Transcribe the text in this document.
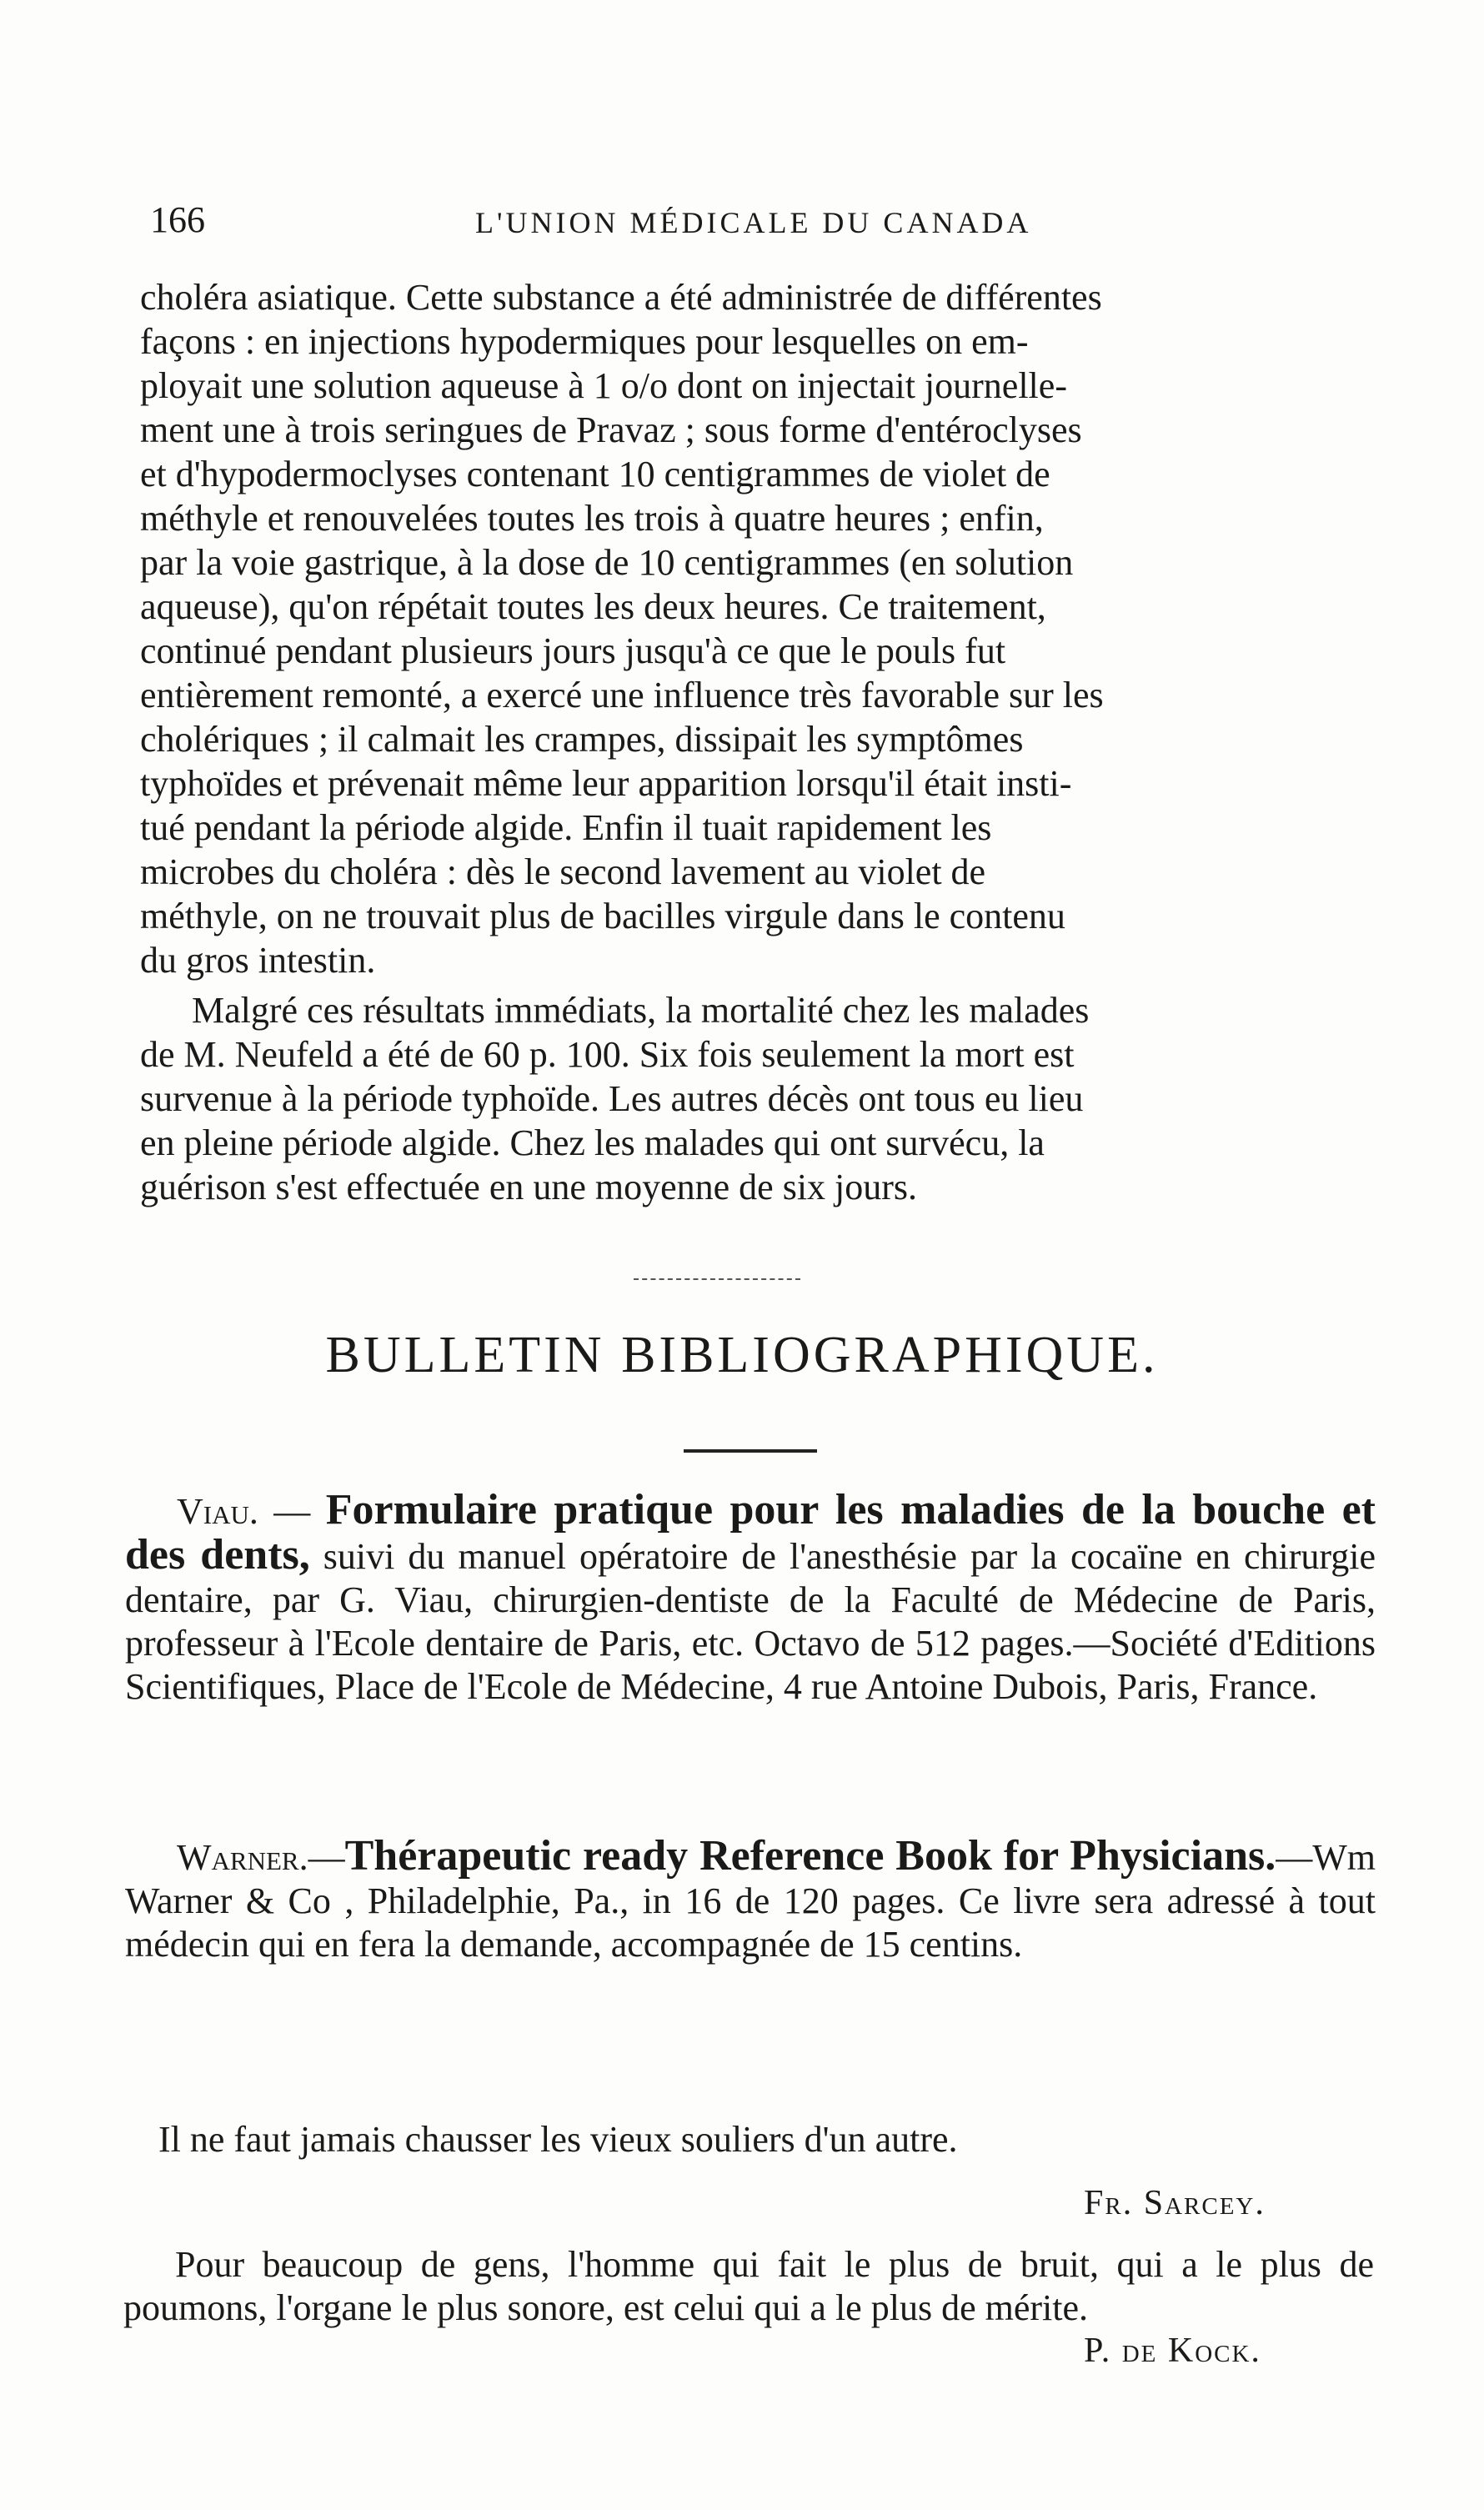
166	L'UNION MÉDICALE DU CANADA
choléra asiatique. Cette substance a été administrée de différentes
façons : en injections hypodermiques pour lesquelles on em-
ployait une solution aqueuse à 1 o/o dont on injectait journelle-
ment une à trois seringues de Pravaz ; sous forme d'entéroclyses
et d'hypodermoclyses contenant 10 centigrammes de violet de
méthyle et renouvelées toutes les trois à quatre heures ; enfin,
par la voie gastrique, à la dose de 10 centigrammes (en solution
aqueuse), qu'on répétait toutes les deux heures. Ce traitement,
continué pendant plusieurs jours jusqu'à ce que le pouls fut
entièrement remonté, a exercé une influence très favorable sur les
cholériques ; il calmait les crampes, dissipait les symptômes
typhoïdes et prévenait même leur apparition lorsqu'il était insti-
tué pendant la période algide. Enfin il tuait rapidement les
microbes du choléra : dès le second lavement au violet de
méthyle, on ne trouvait plus de bacilles virgule dans le contenu
du gros intestin.
Malgré ces résultats immédiats, la mortalité chez les malades
de M. Neufeld a été de 60 p. 100. Six fois seulement la mort est
survenue à la période typhoïde. Les autres décès ont tous eu lieu
en pleine période algide. Chez les malades qui ont survécu, la
guérison s'est effectuée en une moyenne de six jours.
BULLETIN BIBLIOGRAPHIQUE.
Viau. — Formulaire pratique pour les maladies de la bouche et des dents, suivi du manuel opératoire de l'anesthésie par la cocaïne en chirurgie dentaire, par G. Viau, chirurgien-dentiste de la Faculté de Médecine de Paris, professeur à l'Ecole dentaire de Paris, etc. Octavo de 512 pages.—Société d'Editions Scientifiques, Place de l'Ecole de Médecine, 4 rue Antoine Dubois, Paris, France.
Warner.—Thérapeutic ready Reference Book for Physicians.—Wm Warner & Co , Philadelphie, Pa., in 16 de 120 pages. Ce livre sera adressé à tout médecin qui en fera la demande, accompagnée de 15 centins.
Il ne faut jamais chausser les vieux souliers d'un autre.
Fr. Sarcey.
Pour beaucoup de gens, l'homme qui fait le plus de bruit, qui a le plus de poumons, l'organe le plus sonore, est celui qui a le plus de mérite.
P. de Kock.
